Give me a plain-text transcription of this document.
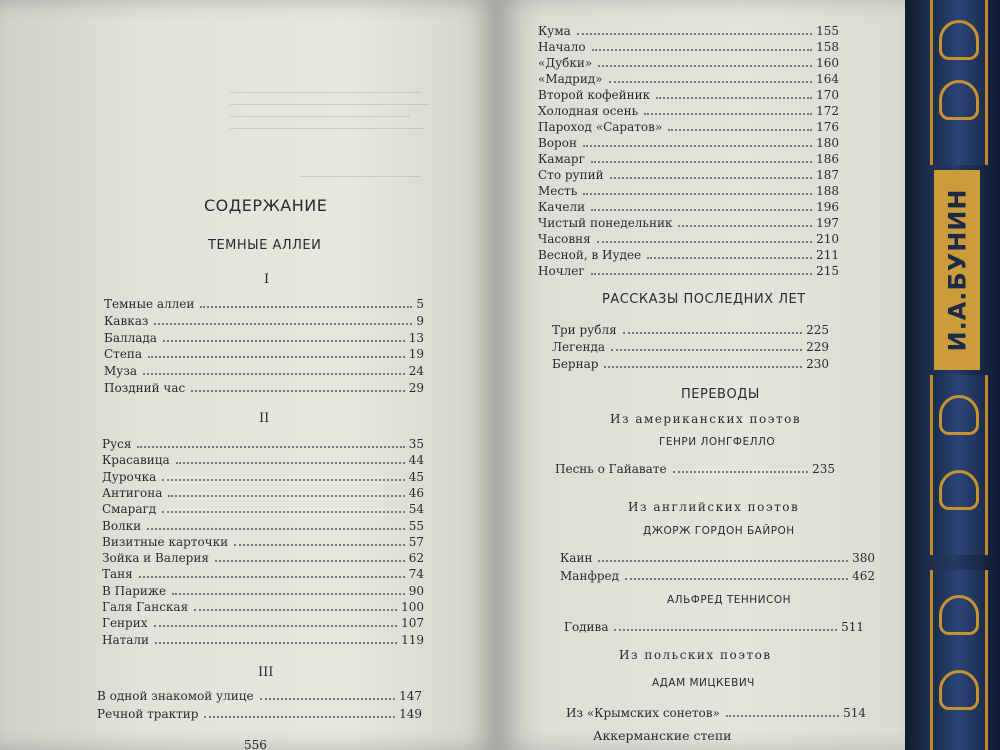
И.А.БУНИН
СОДЕРЖАНИЕ
ТЕМНЫЕ АЛЛЕИ
I
Темные аллеи	5
Кавказ	9
Баллада	13
Степа	19
Муза	24
Поздний час	29
II
Руся	35
Красавица	44
Дурочка	45
Антигона	46
Смарагд	54
Волки	55
Визитные карточки	57
Зойка и Валерия	62
Таня	74
В Париже	90
Галя Ганская	100
Генрих	107
Натали	119
III
В одной знакомой улице	147
Речной трактир	149
556
Кума	155
Начало	158
«Дубки»	160
«Мадрид»	164
Второй кофейник	170
Холодная осень	172
Пароход «Саратов»	176
Ворон	180
Камарг	186
Сто рупий	187
Месть	188
Качели	196
Чистый понедельник	197
Часовня	210
Весной, в Иудее	211
Ночлег	215
РАССКАЗЫ ПОСЛЕДНИХ ЛЕТ
Три рубля	225
Легенда	229
Бернар	230
ПЕРЕВОДЫ
Из американских поэтов
ГЕНРИ ЛОНГФЕЛЛО
Песнь о Гайавате	235
Из английских поэтов
ДЖОРЖ ГОРДОН БАЙРОН
Каин	380
Манфред	462
АЛЬФРЕД ТЕННИСОН
Годива	511
Из польских поэтов
АДАМ МИЦКЕВИЧ
Из «Крымских сонетов»	514
Аккерманские степи
